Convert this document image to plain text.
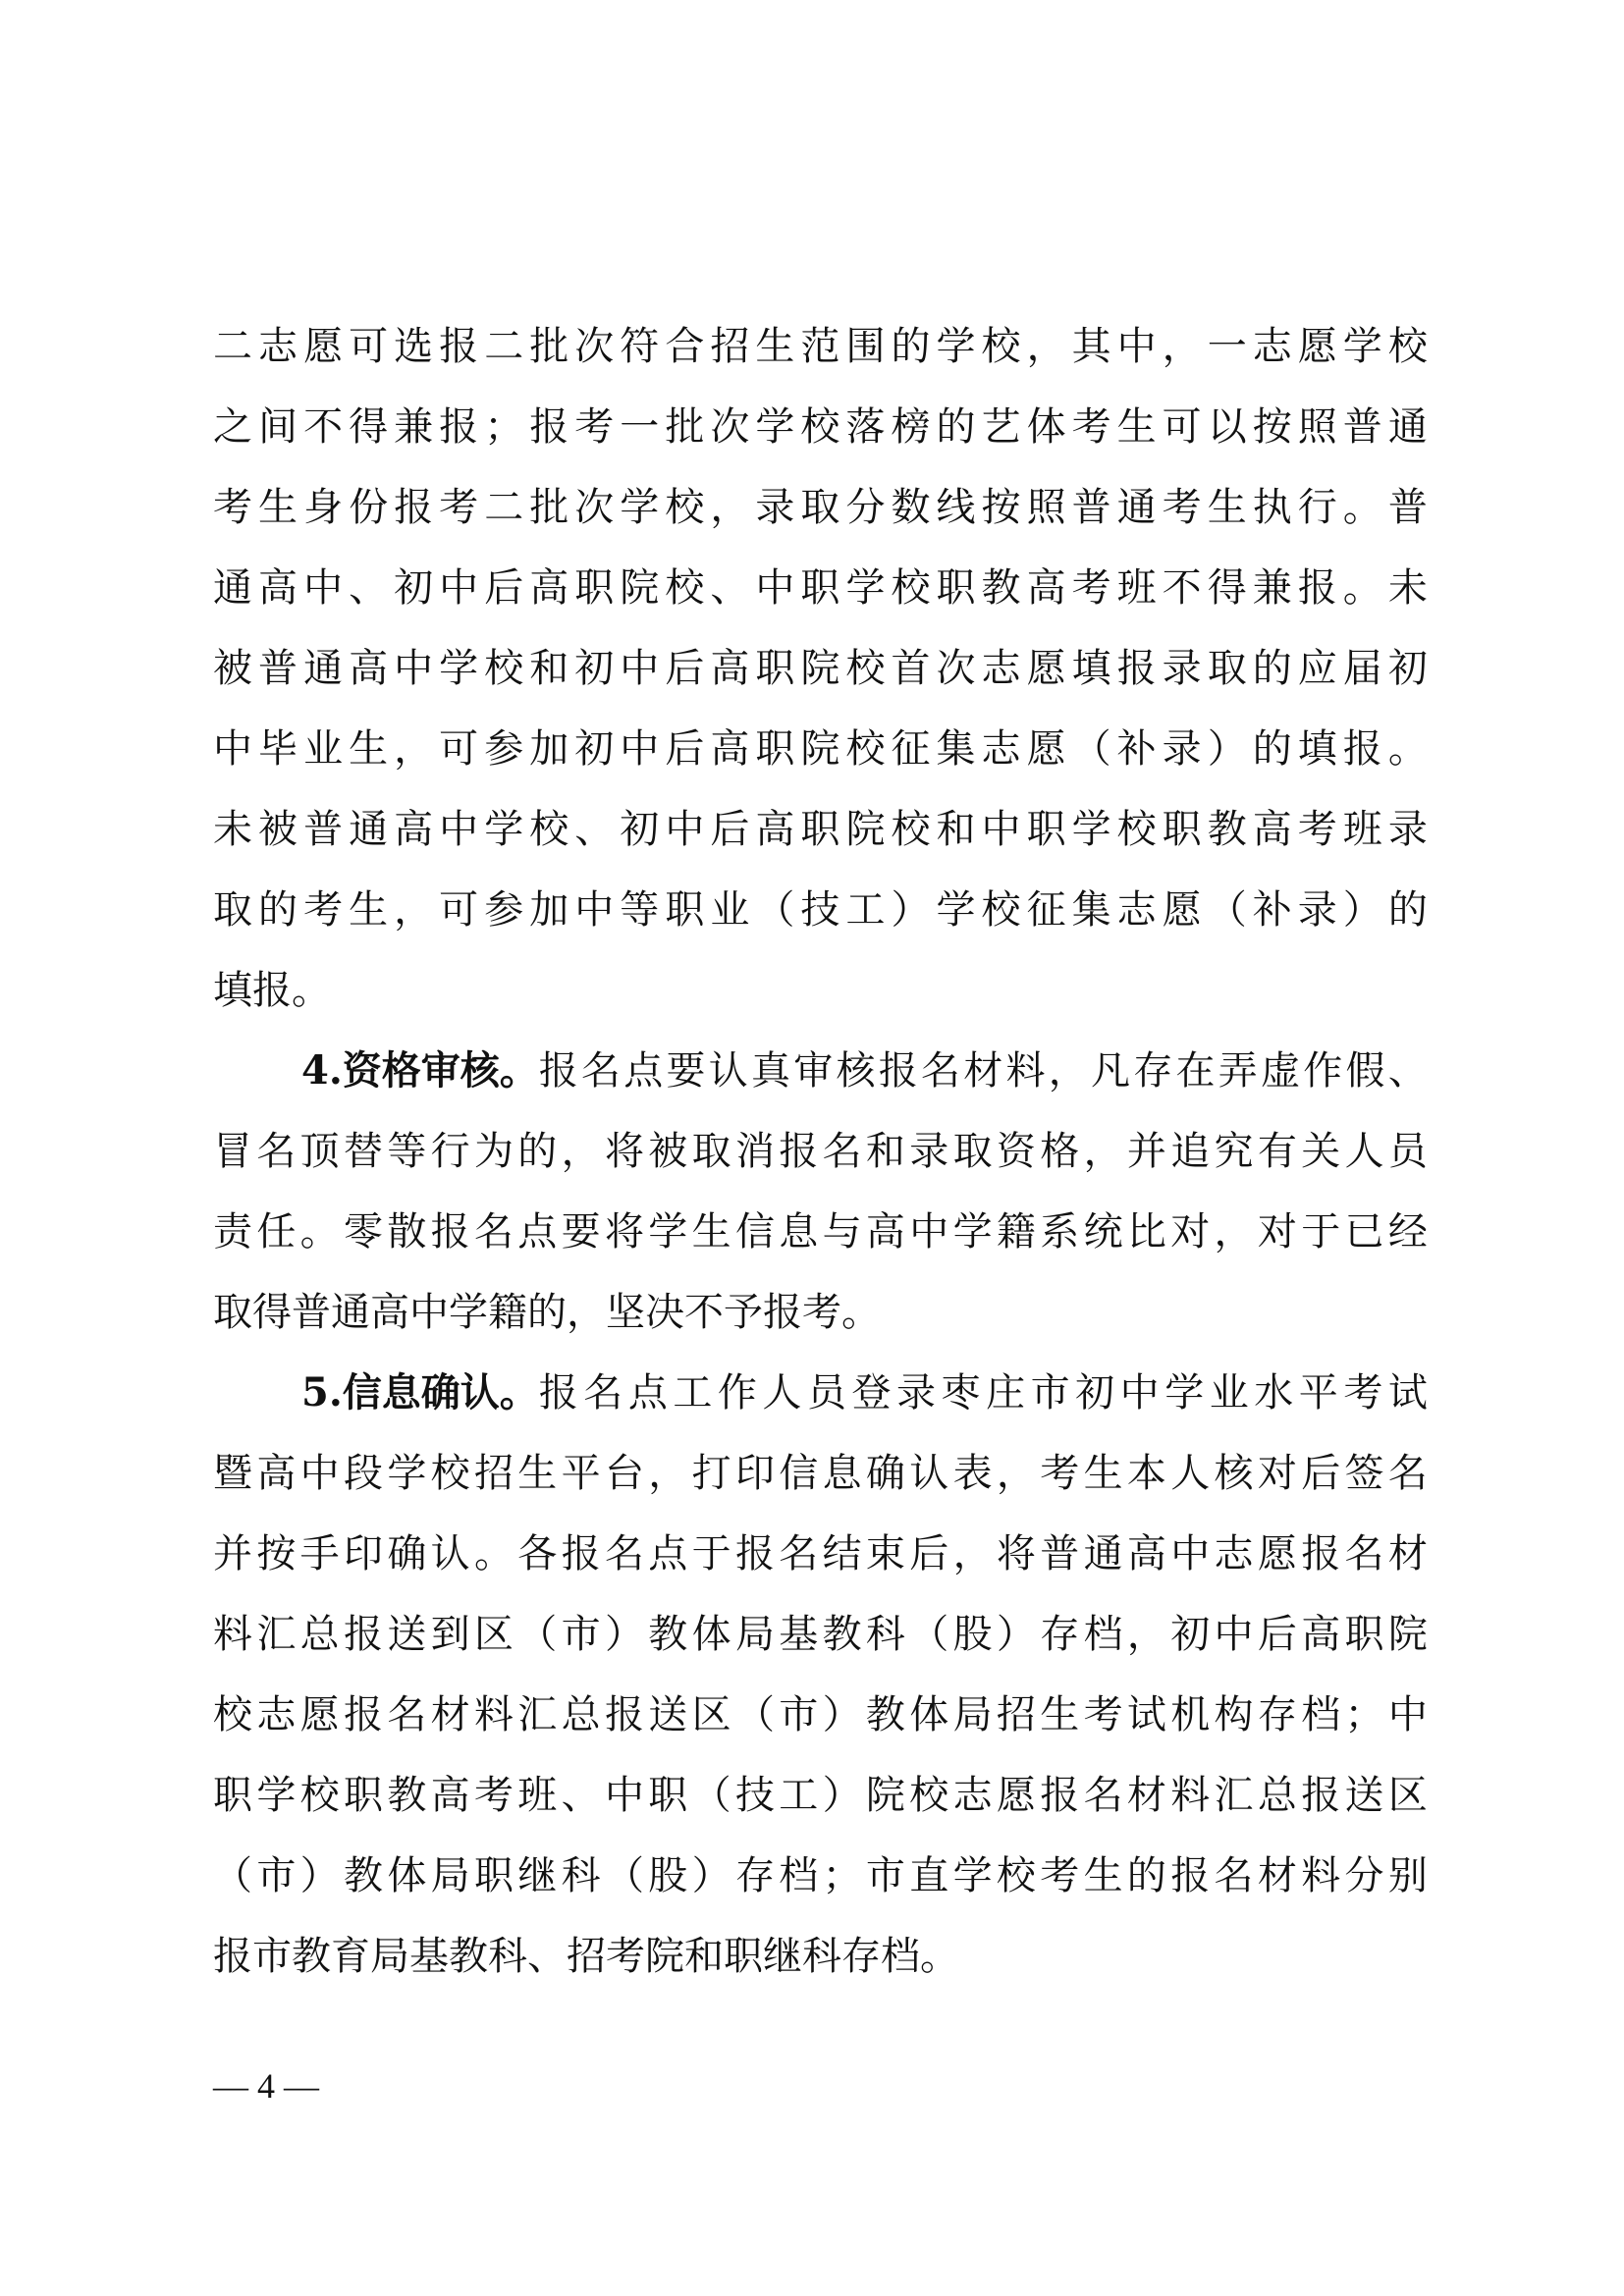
二 志 愿 可 选 报 二 批 次 符 合 招 生 范 围 的 学 校 ， 其 中 ， 一 志 愿 学 校
之 间 不 得 兼 报 ； 报 考 一 批 次 学 校 落 榜 的 艺 体 考 生 可 以 按 照 普 通
考 生 身 份 报 考 二 批 次 学 校 ， 录 取 分 数 线 按 照 普 通 考 生 执 行 。 普
通 高 中 、 初 中 后 高 职 院 校 、 中 职 学 校 职 教 高 考 班 不 得 兼 报 。 未
被 普 通 高 中 学 校 和 初 中 后 高 职 院 校 首 次 志 愿 填 报 录 取 的 应 届 初
中 毕 业 生 ， 可 参 加 初 中 后 高 职 院 校 征 集 志 愿 （ 补 录 ） 的 填 报 。
未 被 普 通 高 中 学 校 、 初 中 后 高 职 院 校 和 中 职 学 校 职 教 高 考 班 录
取 的 考 生 ， 可 参 加 中 等 职 业 （ 技 工 ） 学 校 征 集 志 愿 （ 补 录 ） 的
填报。
4.资格审核。 报 名 点 要 认 真 审 核 报 名 材 料 ， 凡 存 在 弄 虚 作 假 、
冒 名 顶 替 等 行 为 的 ， 将 被 取 消 报 名 和 录 取 资 格 ， 并 追 究 有 关 人 员
责 任 。 零 散 报 名 点 要 将 学 生 信 息 与 高 中 学 籍 系 统 比 对 ， 对 于 已 经
取得普通高中学籍的，坚决不予报考。
5.信息确认。 报 名 点 工 作 人 员 登 录 枣 庄 市 初 中 学 业 水 平 考 试
暨 高 中 段 学 校 招 生 平 台 ， 打 印 信 息 确 认 表 ， 考 生 本 人 核 对 后 签 名
并 按 手 印 确 认 。 各 报 名 点 于 报 名 结 束 后 ， 将 普 通 高 中 志 愿 报 名 材
料 汇 总 报 送 到 区 （ 市 ） 教 体 局 基 教 科 （ 股 ） 存 档 ， 初 中 后 高 职 院
校 志 愿 报 名 材 料 汇 总 报 送 区 （ 市 ） 教 体 局 招 生 考 试 机 构 存 档 ； 中
职 学 校 职 教 高 考 班 、 中 职 （ 技 工 ） 院 校 志 愿 报 名 材 料 汇 总 报 送 区
（ 市 ） 教 体 局 职 继 科 （ 股 ） 存 档 ； 市 直 学 校 考 生 的 报 名 材 料 分 别
报市教育局基教科、招考院和职继科存档。
— 4 —
